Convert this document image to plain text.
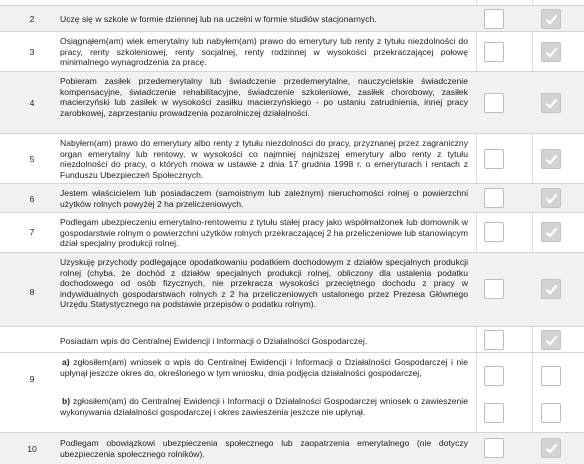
2	Uczę się w szkole w formie dziennej lub na uczelni w formie studiów stacjonarnych.
3
Osiągnąłem(am) wiek emerytalny lub nabyłem(am) prawo do emerytury lub renty z tytułu niezdolności do pracy, renty szkoleniowej, renty socjalnej, renty rodzinnej w wysokości przekraczającej połowę minimalnego wynagrodzenia za pracę.
4
Pobieram zasiłek przedemerytalny lub świadczenie przedemerytalne, nauczycielskie świadczenie kompensacyjne, świadczenie rehabilitacyjne, świadczenie szkoleniowe, zasiłek chorobowy, zasiłek macierzyński lub zasiłek w wysokości zasiłku macierzyńskiego - po ustaniu zatrudnienia, innej pracy zarobkowej, zaprzestaniu prowadzenia pozarolniczej działalności.
5
Nabyłem(am) prawo do emerytury albo renty z tytułu niezdolności do pracy, przyznanej przez zagraniczny organ emerytalny lub rentowy, w wysokości co najmniej najniższej emerytury albo renty z tytułu niezdolności do pracy, o których mowa w ustawie z dnia 17 grudnia 1998 r. o emeryturach i rentach z Funduszu Ubezpieczeń Społecznych.
6
Jestem właścicielem lub posiadaczem (samoistnym lub zależnym) nieruchomości rolnej o powierzchni użytków rolnych powyżej 2 ha przeliczeniowych.
7
Podlegam ubezpieczeniu emerytalno-rentowemu z tytułu stałej pracy jako współmałżonek lub domownik w gospodarstwie rolnym o powierzchni użytków rolnych przekraczającej 2 ha przeliczeniowe lub stanowiącym dział specjalny produkcji rolnej.
8
Uzyskuję przychody podlegające opodatkowaniu podatkiem dochodowym z działów specjalnych produkcji rolnej (chyba, że dochód z działów specjalnych produkcji rolnej, obliczony dla ustalenia podatku dochodowego od osób fizycznych, nie przekracza wysokości przeciętnego dochodu z pracy w indywidualnych gospodarstwach rolnych z 2 ha przeliczeniowych ustalonego przez Prezesa Głównego Urzędu Statystycznego na podstawie przepisów o podatku rolnym).
Posiadam wpis do Centralnej Ewidencji i Informacji o Działalności Gospodarczej.
9
a) zgłosiłem(am) wniosek o wpis do Centralnej Ewidencji i Informacji o Działalności Gospodarczej i nie upłynął jeszcze okres do, określonego w tym wniosku, dnia podjęcia działalności gospodarczej,
b) zgłosiłem(am) do Centralnej Ewidencji i Informacji o Działalności Gospodarczej wniosek o zawieszenie wykonywania działalności gospodarczej i okres zawieszenia jeszcze nie upłynął.
10
Podlegam obowiązkowi ubezpieczenia społecznego lub zaopatrzenia emerytalnego (nie dotyczy ubezpieczenia społecznego rolników).
